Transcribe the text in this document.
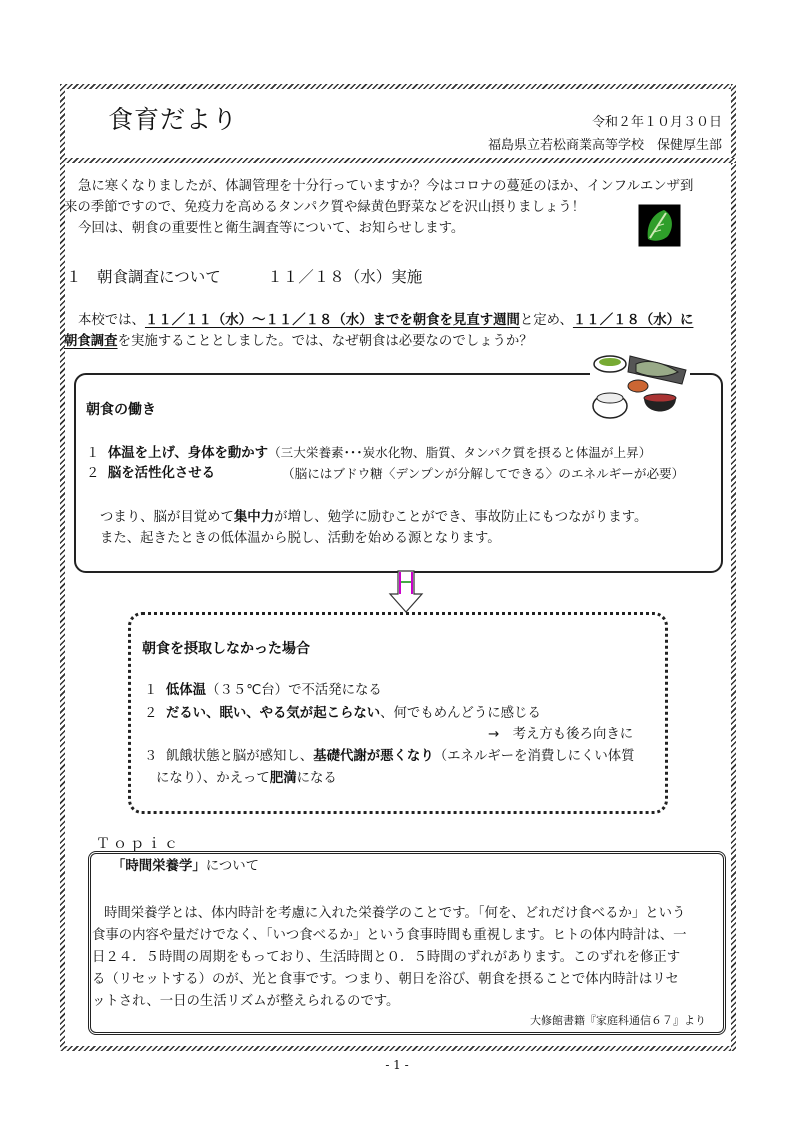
食育だより	令和２年１０月３０日
福島県立若松商業高等学校　保健厚生部
急に寒くなりましたが、体調管理を十分行っていますか？今はコロナの蔓延のほか、インフルエンザ到
来の季節ですので、免疫力を高めるタンパク質や緑黄色野菜などを沢山摂りましょう！
今回は、朝食の重要性と衛生調査等について、お知らせします。
１　朝食調査について　　　１１／１８（水）実施
本校では、１１／１１（水）～１１／１８（水）までを朝食を見直す週間と定め、１１／１８（水）に
朝食調査を実施することとしました。では、なぜ朝食は必要なのでしょうか？
朝食の働き
１ 体温を上げ、身体を動かす（三大栄養素･･･炭水化物、脂質、タンパク質を摂ると体温が上昇）
２ 脳を活性化させる	（脳にはブドウ糖〈デンプンが分解してできる〉のエネルギーが必要）
つまり、脳が目覚めて集中力が増し、勉学に励むことができ、事故防止にもつながります。
また、起きたときの低体温から脱し、活動を始める源となります。
朝食を摂取しなかった場合
１ 低体温（３５℃台）で不活発になる
２ だるい、眠い、やる気が起こらない、何でもめんどうに感じる
→　考え方も後ろ向きに
３ 飢餓状態と脳が感知し、基礎代謝が悪くなり（エネルギーを消費しにくい体質
になり）、かえって肥満になる
Ｔｏｐｉｃ
「時間栄養学」について
時間栄養学とは、体内時計を考慮に入れた栄養学のことです。「何を、どれだけ食べるか」という
食事の内容や量だけでなく、「いつ食べるか」という食事時間も重視します。ヒトの体内時計は、一
日２４．５時間の周期をもっており、生活時間と０．５時間のずれがあります。このずれを修正す
る（リセットする）のが、光と食事です。つまり、朝日を浴び、朝食を摂ることで体内時計はリセ
ットされ、一日の生活リズムが整えられるのです。
大修館書籍『家庭科通信６７』より
- 1 -
